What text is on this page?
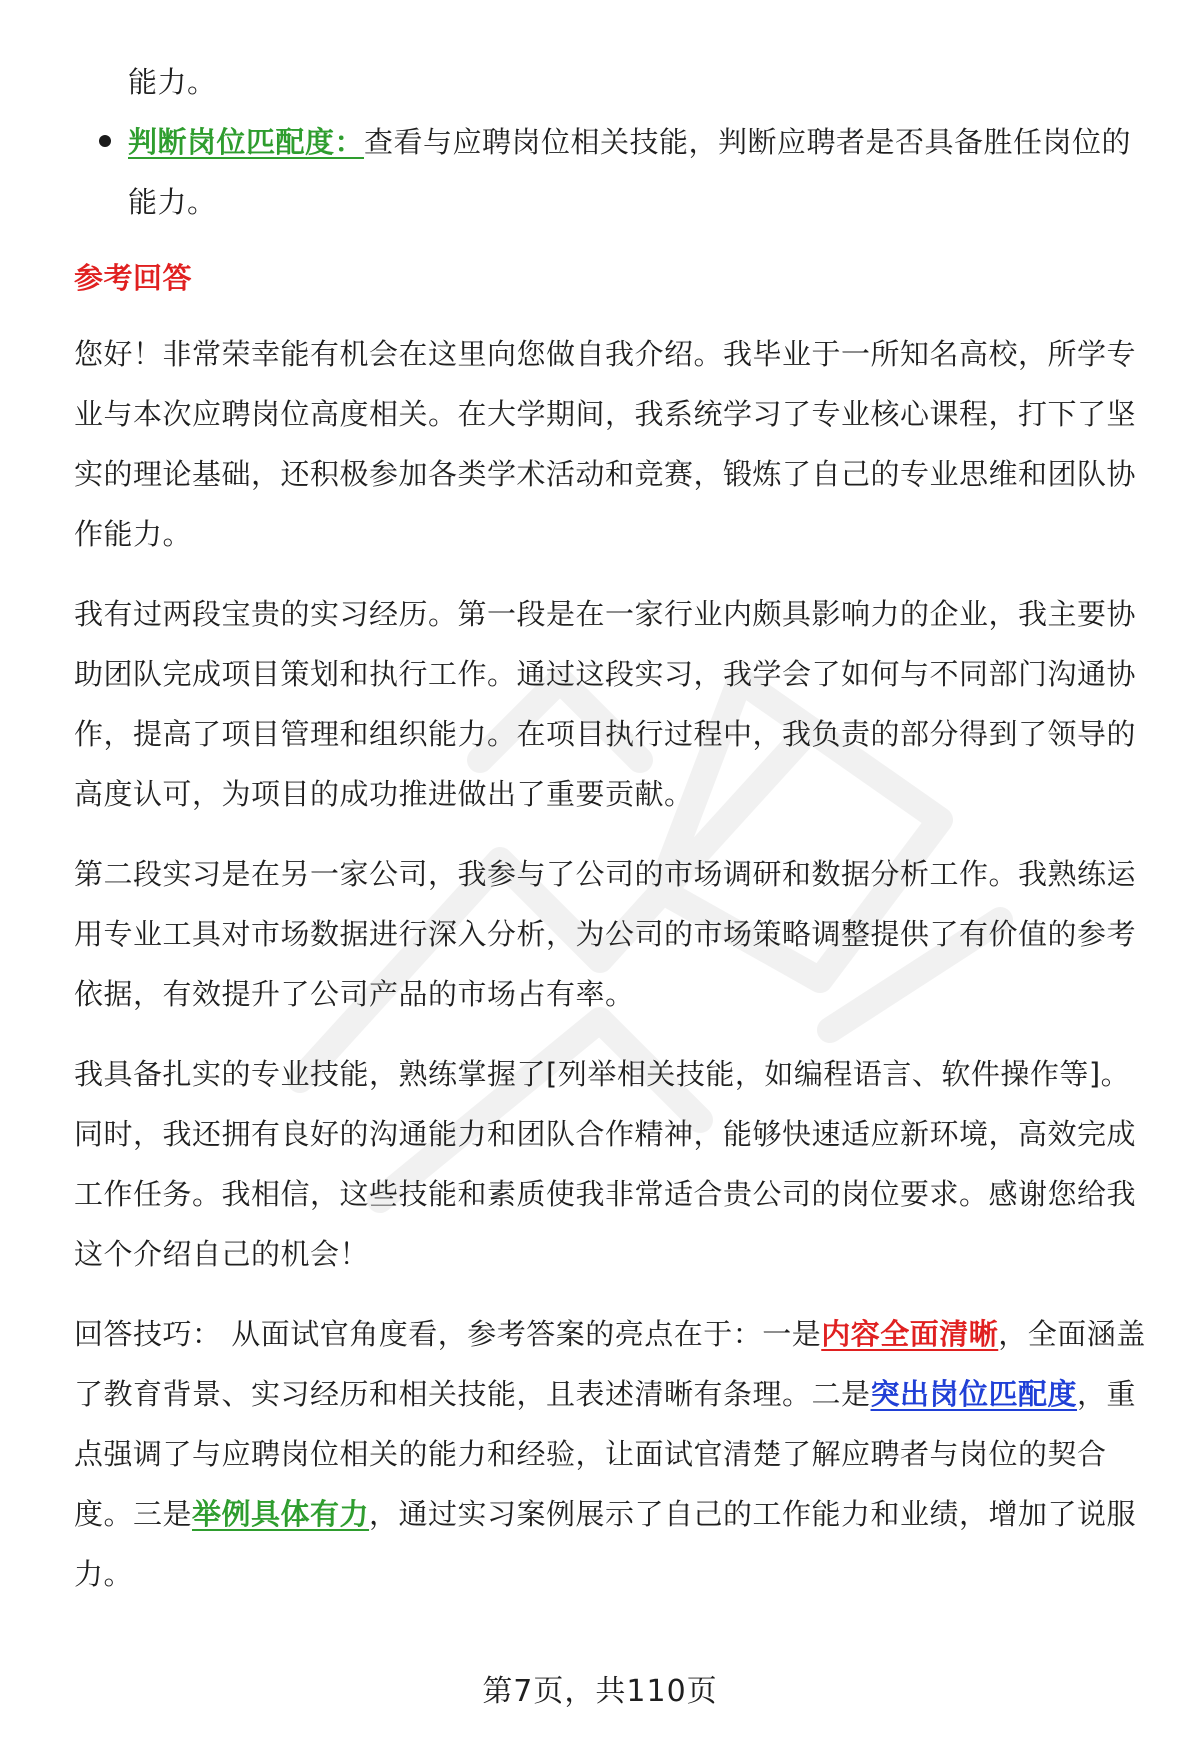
能力。
判断岗位匹配度：查看与应聘岗位相关技能，判断应聘者是否具备胜任岗位的
能力。
参考回答
您好！非常荣幸能有机会在这里向您做自我介绍。我毕业于一所知名高校，所学专
业与本次应聘岗位高度相关。在大学期间，我系统学习了专业核心课程，打下了坚
实的理论基础，还积极参加各类学术活动和竞赛，锻炼了自己的专业思维和团队协
作能力。
我有过两段宝贵的实习经历。第一段是在一家行业内颇具影响力的企业，我主要协
助团队完成项目策划和执行工作。通过这段实习，我学会了如何与不同部门沟通协
作，提高了项目管理和组织能力。在项目执行过程中，我负责的部分得到了领导的
高度认可，为项目的成功推进做出了重要贡献。
第二段实习是在另一家公司，我参与了公司的市场调研和数据分析工作。我熟练运
用专业工具对市场数据进行深入分析，为公司的市场策略调整提供了有价值的参考
依据，有效提升了公司产品的市场占有率。
我具备扎实的专业技能，熟练掌握了[列举相关技能，如编程语言、软件操作等]。
同时，我还拥有良好的沟通能力和团队合作精神，能够快速适应新环境，高效完成
工作任务。我相信，这些技能和素质使我非常适合贵公司的岗位要求。感谢您给我
这个介绍自己的机会！
回答技巧： 从面试官角度看，参考答案的亮点在于：一是内容全面清晰，全面涵盖
了教育背景、实习经历和相关技能，且表述清晰有条理。二是突出岗位匹配度，重
点强调了与应聘岗位相关的能力和经验，让面试官清楚了解应聘者与岗位的契合
度。三是举例具体有力，通过实习案例展示了自己的工作能力和业绩，增加了说服
力。
第7页，共110页
